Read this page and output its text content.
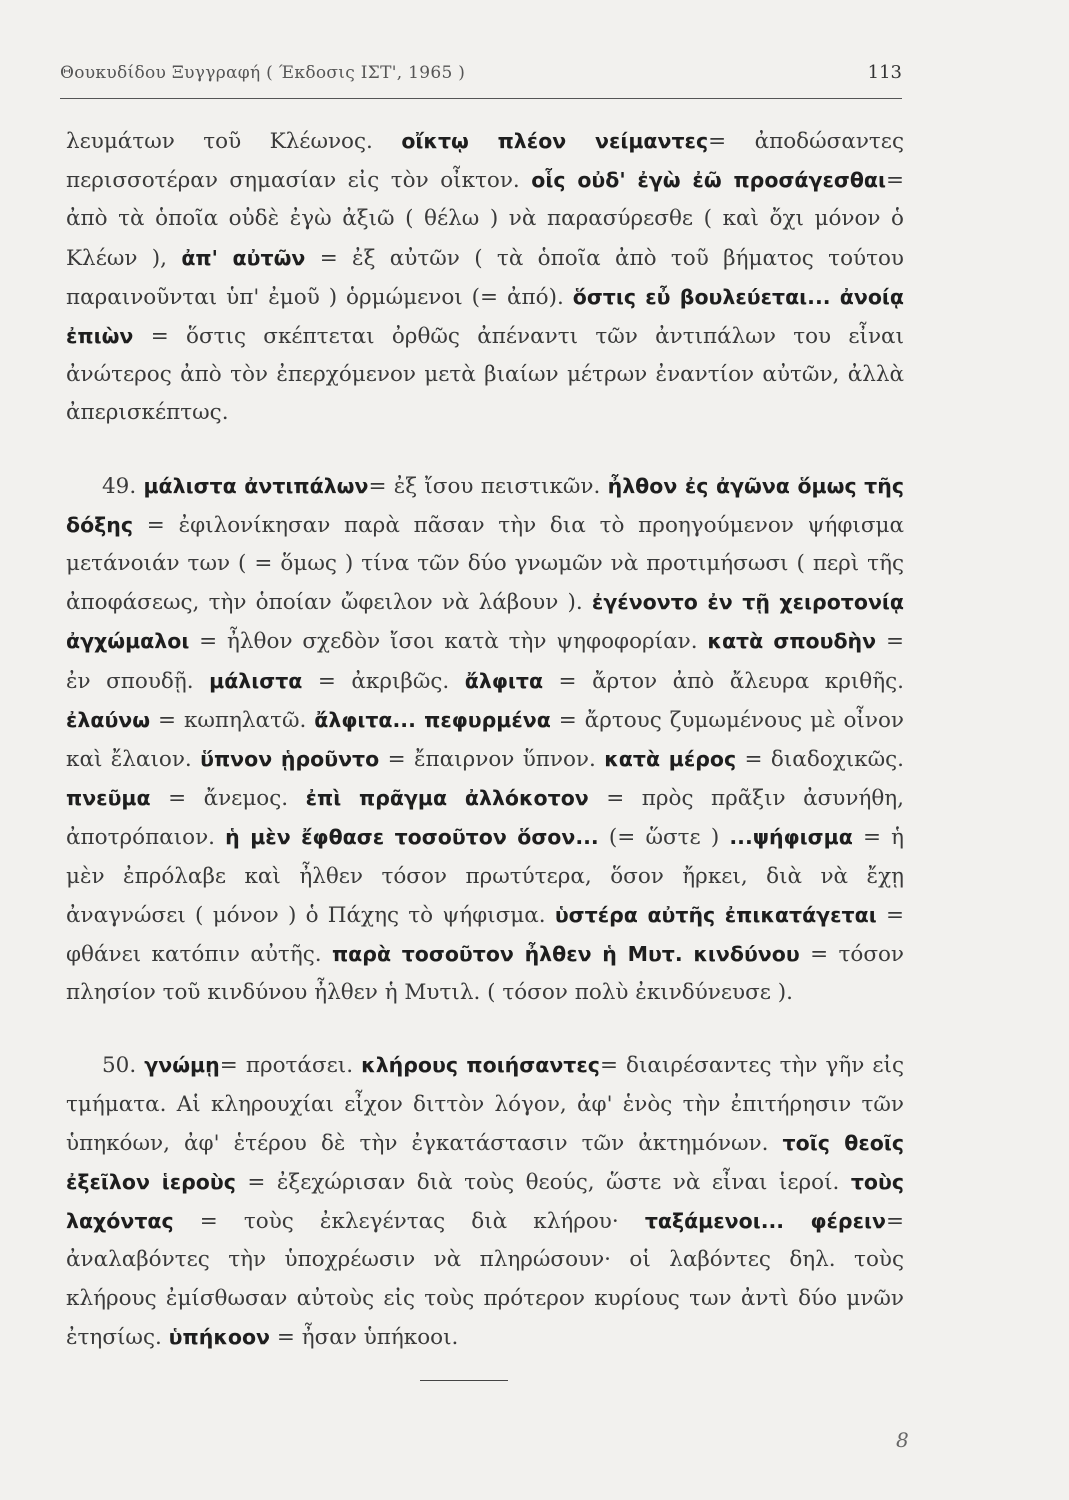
Θουκυδίδου Ξυγγραφή ( Έκδοσις ΙΣΤ', 1965 )	113

λευμάτων τοῦ Κλέωνος. οἴκτῳ πλέον νείμαντες= ἀποδώσαντες περισσοτέραν σημασίαν εἰς τὸν οἶκτον. οἷς οὐδ' ἐγὼ ἐῶ προσάγεσθαι= ἀπὸ τὰ ὁποῖα οὐδὲ ἐγὼ ἀξιῶ ( θέλω ) νὰ παρασύρεσθε ( καὶ ὄχι μόνον ὁ Κλέων ), ἀπ' αὐτῶν = ἐξ αὐτῶν ( τὰ ὁποῖα ἀπὸ τοῦ βήματος τούτου παραινοῦνται ὑπ' ἐμοῦ ) ὁρμώμενοι (= ἀπό). ὅστις εὖ βουλεύεται... ἀνοίᾳ ἐπιὼν = ὅστις σκέπτεται ὀρθῶς ἀπέναντι τῶν ἀντιπάλων του εἶναι ἀνώτερος ἀπὸ τὸν ἐπερχόμενον μετὰ βιαίων μέτρων ἐναντίον αὐτῶν, ἀλλὰ ἀπερισκέπτως.

49. μάλιστα ἀντιπάλων= ἐξ ἴσου πειστικῶν. ἦλθον ἐς ἀγῶνα ὅμως τῆς δόξης = ἐφιλονίκησαν παρὰ πᾶσαν τὴν δια τὸ προηγούμενον ψήφισμα μετάνοιάν των ( = ὅμως ) τίνα τῶν δύο γνωμῶν νὰ προτιμήσωσι ( περὶ τῆς ἀποφάσεως, τὴν ὁποίαν ὤφειλον νὰ λάβουν ). ἐγένοντο ἐν τῇ χειροτονίᾳ ἀγχώμαλοι = ἦλθον σχεδὸν ἴσοι κατὰ τὴν ψηφοφορίαν. κατὰ σπουδὴν = ἐν σπουδῇ. μάλιστα = ἀκριβῶς. ἄλφιτα = ἄρτον ἀπὸ ἄλευρα κριθῆς. ἐλαύνω = κωπηλατῶ. ἄλφιτα... πεφυρμένα = ἄρτους ζυμωμένους μὲ οἶνον καὶ ἔλαιον. ὕπνον ᾑροῦντο = ἔπαιρνον ὕπνον. κατὰ μέρος = διαδοχικῶς. πνεῦμα = ἄνεμος. ἐπὶ πρᾶγμα ἀλλόκοτον = πρὸς πρᾶξιν ἀσυνήθη, ἀποτρόπαιον. ἡ μὲν ἔφθασε τοσοῦτον ὅσον... (= ὥστε ) ...ψήφισμα = ἡ μὲν ἐπρόλαβε καὶ ἦλθεν τόσον πρωτύτερα, ὅσον ἤρκει, διὰ νὰ ἔχῃ ἀναγνώσει ( μόνον ) ὁ Πάχης τὸ ψήφισμα. ὑστέρα αὐτῆς ἐπικατάγεται = φθάνει κατόπιν αὐτῆς. παρὰ τοσοῦτον ἦλθεν ἡ Μυτ. κινδύνου = τόσον πλησίον τοῦ κινδύνου ἦλθεν ἡ Μυτιλ. ( τόσον πολὺ ἐκινδύνευσε ).

50. γνώμῃ= προτάσει. κλήρους ποιήσαντες= διαιρέσαντες τὴν γῆν εἰς τμήματα. Αἱ κληρουχίαι εἶχον διττὸν λόγον, ἀφ' ἑνὸς τὴν ἐπιτήρησιν τῶν ὑπηκόων, ἀφ' ἑτέρου δὲ τὴν ἐγκατάστασιν τῶν ἀκτημόνων. τοῖς θεοῖς ἐξεῖλον ἱεροὺς = ἐξεχώρισαν διὰ τοὺς θεούς, ὥστε νὰ εἶναι ἱεροί. τοὺς λαχόντας = τοὺς ἐκλεγέντας διὰ κλήρου· ταξάμενοι... φέρειν= ἀναλαβόντες τὴν ὑποχρέωσιν νὰ πληρώσουν· οἱ λαβόντες δηλ. τοὺς κλήρους ἐμίσθωσαν αὐτοὺς εἰς τοὺς πρότερον κυρίους των ἀντὶ δύο μνῶν ἐτησίως. ὑπήκοον = ἦσαν ὑπήκοοι.

8
